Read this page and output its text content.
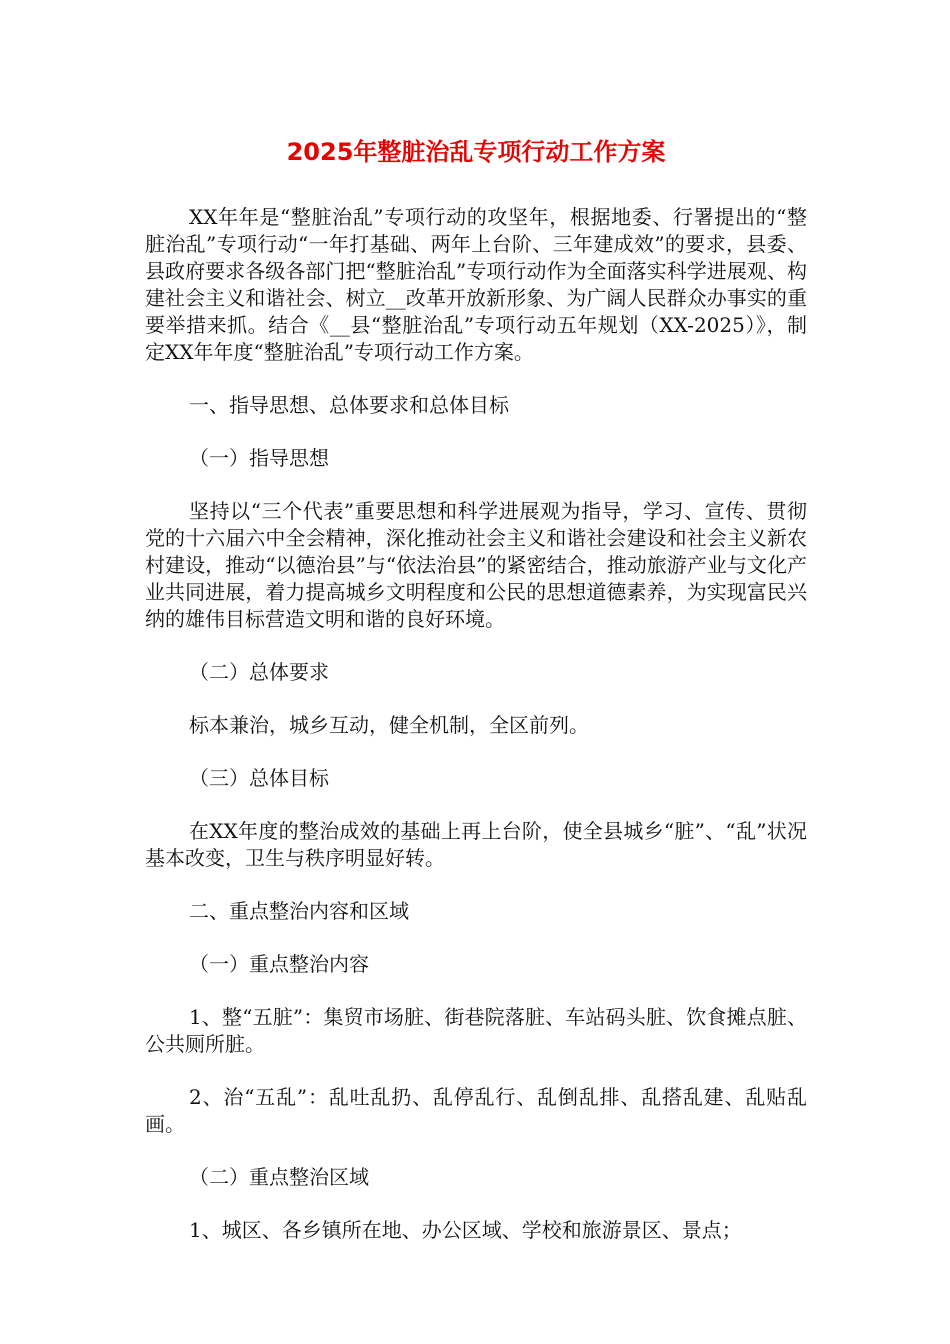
2025年整脏治乱专项行动工作方案

XX年年是“整脏治乱”专项行动的攻坚年，根据地委、行署提出的“整脏治乱”专项行动“一年打基础、两年上台阶、三年建成效”的要求，县委、县政府要求各级各部门把“整脏治乱”专项行动作为全面落实科学进展观、构建社会主义和谐社会、树立__改革开放新形象、为广阔人民群众办事实的重要举措来抓。结合《__县“整脏治乱”专项行动五年规划（XX-2025）》，制定XX年年度“整脏治乱”专项行动工作方案。

一、指导思想、总体要求和总体目标

（一）指导思想

坚持以“三个代表”重要思想和科学进展观为指导，学习、宣传、贯彻党的十六届六中全会精神，深化推动社会主义和谐社会建设和社会主义新农村建设，推动“以德治县”与“依法治县”的紧密结合，推动旅游产业与文化产业共同进展，着力提高城乡文明程度和公民的思想道德素养，为实现富民兴纳的雄伟目标营造文明和谐的良好环境。

（二）总体要求

标本兼治，城乡互动，健全机制，全区前列。

（三）总体目标

在XX年度的整治成效的基础上再上台阶，使全县城乡“脏”、“乱”状况基本改变，卫生与秩序明显好转。

二、重点整治内容和区域

（一）重点整治内容

1、整“五脏”：集贸市场脏、街巷院落脏、车站码头脏、饮食摊点脏、公共厕所脏。

2、治“五乱”：乱吐乱扔、乱停乱行、乱倒乱排、乱搭乱建、乱贴乱画。

（二）重点整治区域

1、城区、各乡镇所在地、办公区域、学校和旅游景区、景点；
